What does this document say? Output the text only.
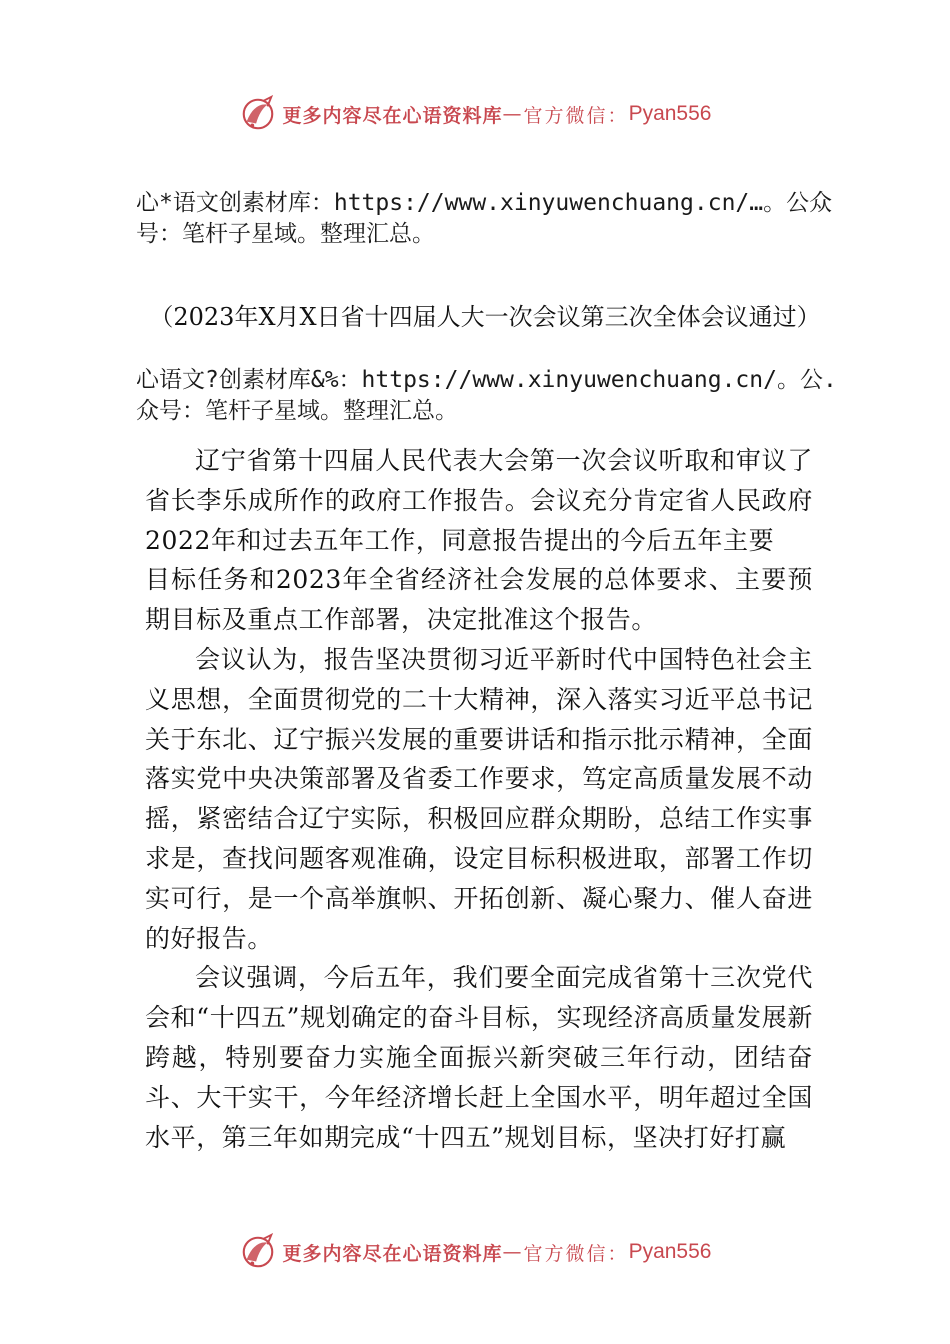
更多内容尽在心语资料库 — 官方微信： Pyan556
心*语文创素材库：https://www.xinyuwenchuang.cn/…。公众号：笔杆子星域。整理汇总。
（2023年X月X日省十四届人大一次会议第三次全体会议通过）
心语文?创素材库&%：https://www.xinyuwenchuang.cn/。公.众号：笔杆子星域。整理汇总。

辽宁省第十四届人民代表大会第一次会议听取和审议了省长李乐成所作的政府工作报告。会议充分肯定省人民政府2022年和过去五年工作，同意报告提出的今后五年主要

目标任务和2023年全省经济社会发展的总体要求、主要预期目标及重点工作部署，决定批准这个报告。

会议认为，报告坚决贯彻习近平新时代中国特色社会主义思想，全面贯彻党的二十大精神，深入落实习近平总书记关于东北、辽宁振兴发展的重要讲话和指示批示精神，全面落实党中央决策部署及省委工作要求，笃定高质量发展不动摇，紧密结合辽宁实际，积极回应群众期盼，总结工作实事求是，查找问题客观准确，设定目标积极进取，部署工作切实可行，是一个高举旗帜、开拓创新、凝心聚力、催人奋进的好报告。

会议强调，今后五年，我们要全面完成省第十三次党代会和“十四五”规划确定的奋斗目标，实现经济高质量发展新跨越，特别要奋力实施全面振兴新突破三年行动，团结奋斗、大干实干，今年经济增长赶上全国水平，明年超过全国水平，第三年如期完成“十四五”规划目标，坚决打好打赢

更多内容尽在心语资料库 — 官方微信： Pyan556
